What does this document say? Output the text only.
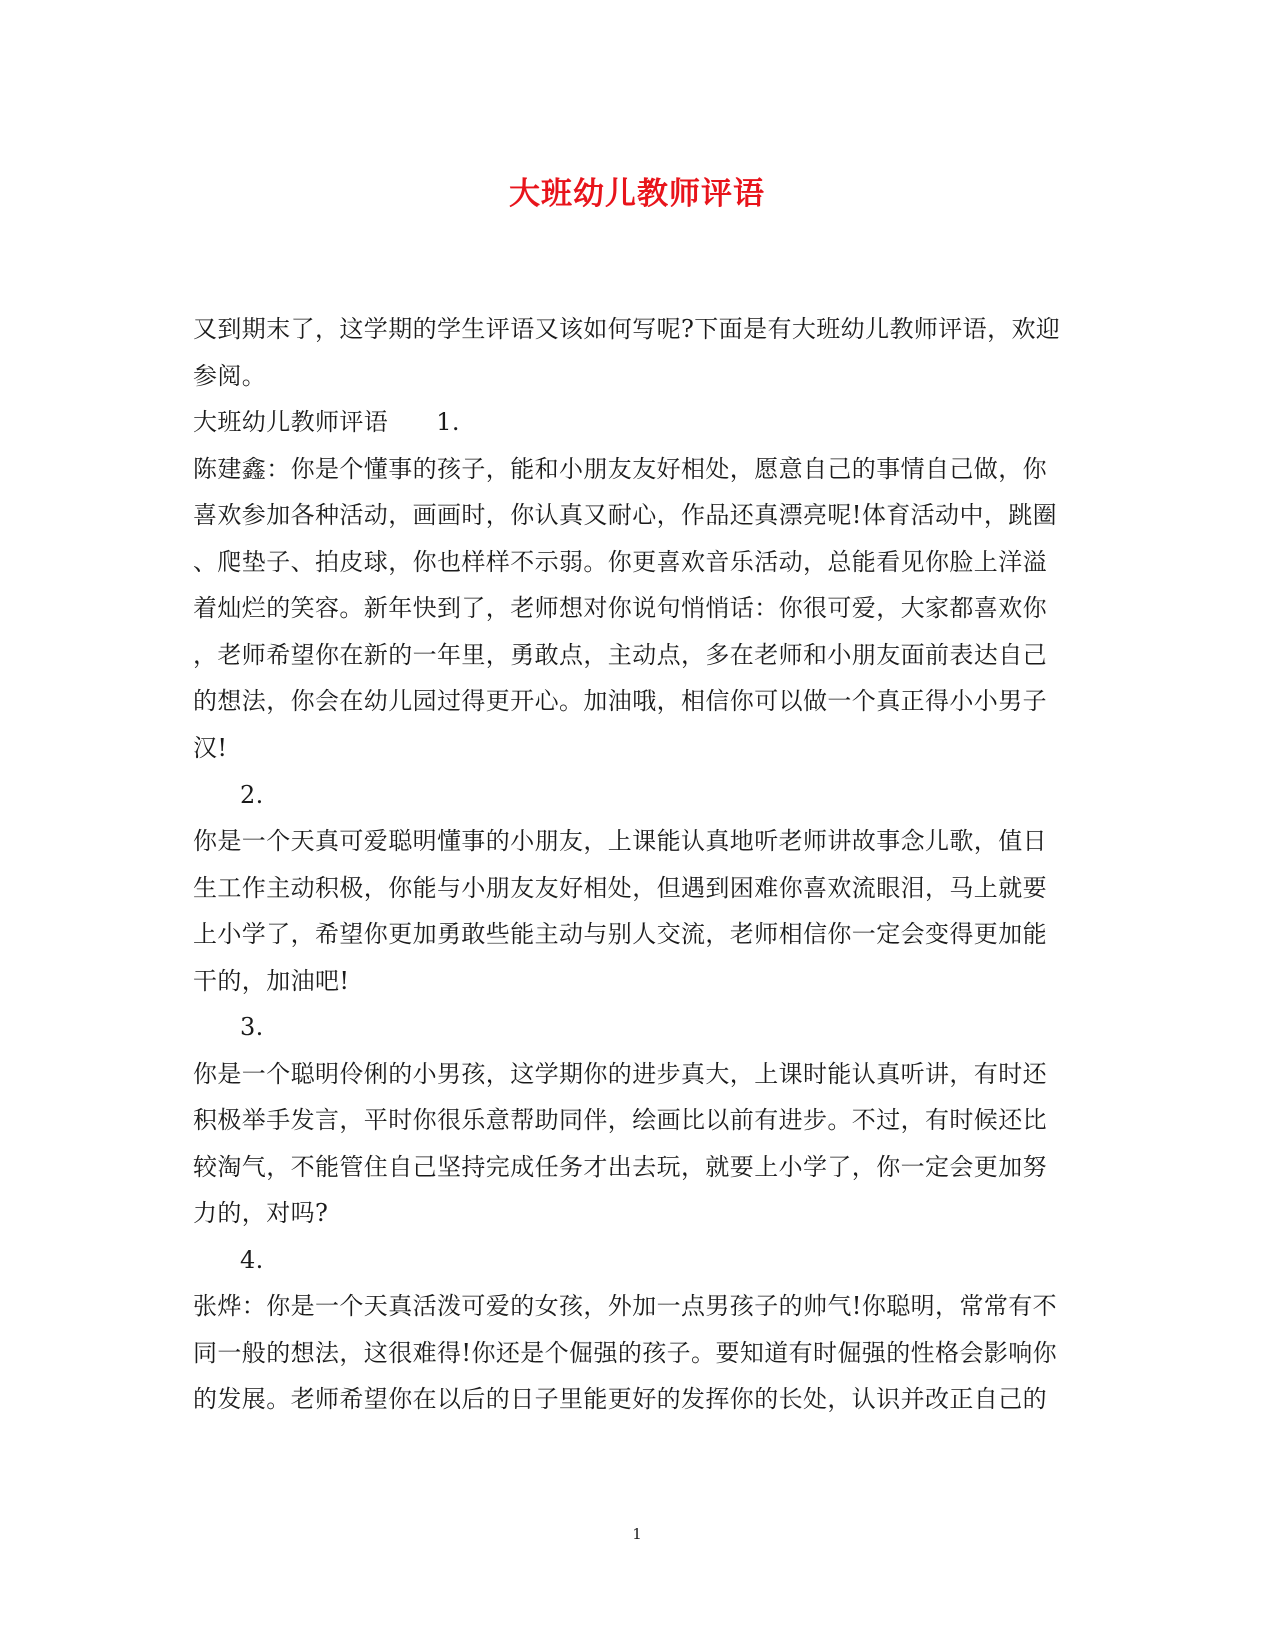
大班幼儿教师评语
又到期末了，这学期的学生评语又该如何写呢?下面是有大班幼儿教师评语，欢迎
参阅。
大班幼儿教师评语 1.
陈建鑫：你是个懂事的孩子，能和小朋友友好相处，愿意自己的事情自己做，你
喜欢参加各种活动，画画时，你认真又耐心，作品还真漂亮呢!体育活动中，跳圈
、爬垫子、拍皮球，你也样样不示弱。你更喜欢音乐活动，总能看见你脸上洋溢
着灿烂的笑容。新年快到了，老师想对你说句悄悄话：你很可爱，大家都喜欢你
，老师希望你在新的一年里，勇敢点，主动点，多在老师和小朋友面前表达自己
的想法，你会在幼儿园过得更开心。加油哦，相信你可以做一个真正得小小男子
汉!
2.
你是一个天真可爱聪明懂事的小朋友，上课能认真地听老师讲故事念儿歌，值日
生工作主动积极，你能与小朋友友好相处，但遇到困难你喜欢流眼泪，马上就要
上小学了，希望你更加勇敢些能主动与别人交流，老师相信你一定会变得更加能
干的，加油吧!
3.
你是一个聪明伶俐的小男孩，这学期你的进步真大，上课时能认真听讲，有时还
积极举手发言，平时你很乐意帮助同伴，绘画比以前有进步。不过，有时候还比
较淘气，不能管住自己坚持完成任务才出去玩，就要上小学了，你一定会更加努
力的，对吗?
4.
张烨：你是一个天真活泼可爱的女孩，外加一点男孩子的帅气!你聪明，常常有不
同一般的想法，这很难得!你还是个倔强的孩子。要知道有时倔强的性格会影响你
的发展。老师希望你在以后的日子里能更好的发挥你的长处，认识并改正自己的
1
